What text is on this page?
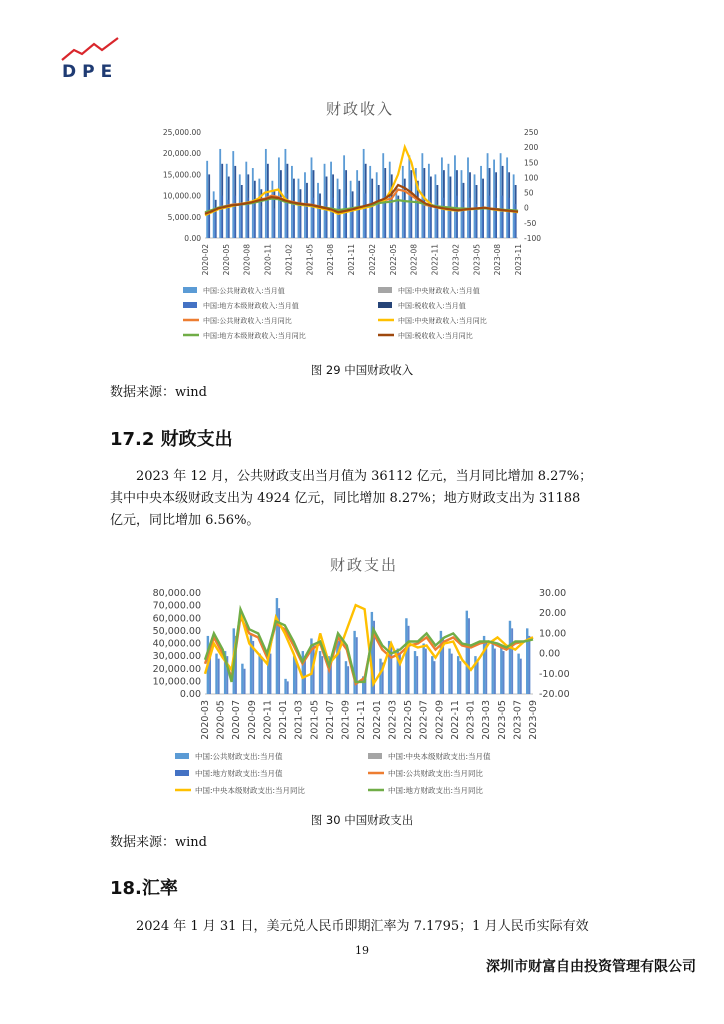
DPE
财政收入
25,000.00
20,000.00
15,000.00
10,000.00
5,000.00
0.00
250
200
150
100
50
0
-50
-100
2020-02 2020-05 2020-08 2020-11 2021-02 2021-05 2021-08 2021-11 2022-02 2022-05 2022-08 2022-11 2023-02 2023-05 2023-08 2023-11
中国:公共财政收入:当月值	中国:中央财政收入:当月值
中国:地方本级财政收入:当月值	中国:税收收入:当月值
中国:公共财政收入:当月同比	中国:中央财政收入:当月同比
中国:地方本级财政收入:当月同比	中国:税收收入:当月同比
图 29 中国财政收入
数据来源：wind
17.2 财政支出
2023 年 12 月，公共财政支出当月值为 36112 亿元，当月同比增加 8.27%；
其中中央本级财政支出为 4924 亿元，同比增加 8.27%；地方财政支出为 31188
亿元，同比增加 6.56%。
财政支出
80,000.00
70,000.00
60,000.00
50,000.00
40,000.00
30,000.00
20,000.00
10,000.00
0.00
30.00
20.00
10.00
0.00
-10.00
-20.00
2020-03 2020-05 2020-07 2020-09 2020-11 2021-01 2021-03 2021-05 2021-07 2021-09 2021-11 2022-01 2022-03 2022-05 2022-07 2022-09 2022-11 2023-01 2023-03 2023-05 2023-07 2023-09
中国:公共财政支出:当月值	中国:中央本级财政支出:当月值
中国:地方财政支出:当月值	中国:公共财政支出:当月同比
中国:中央本级财政支出:当月同比	中国:地方财政支出:当月同比
图 30 中国财政支出
数据来源：wind
18.汇率
2024 年 1 月 31 日，美元兑人民币即期汇率为 7.1795；1 月人民币实际有效
19
深圳市财富自由投资管理有限公司
